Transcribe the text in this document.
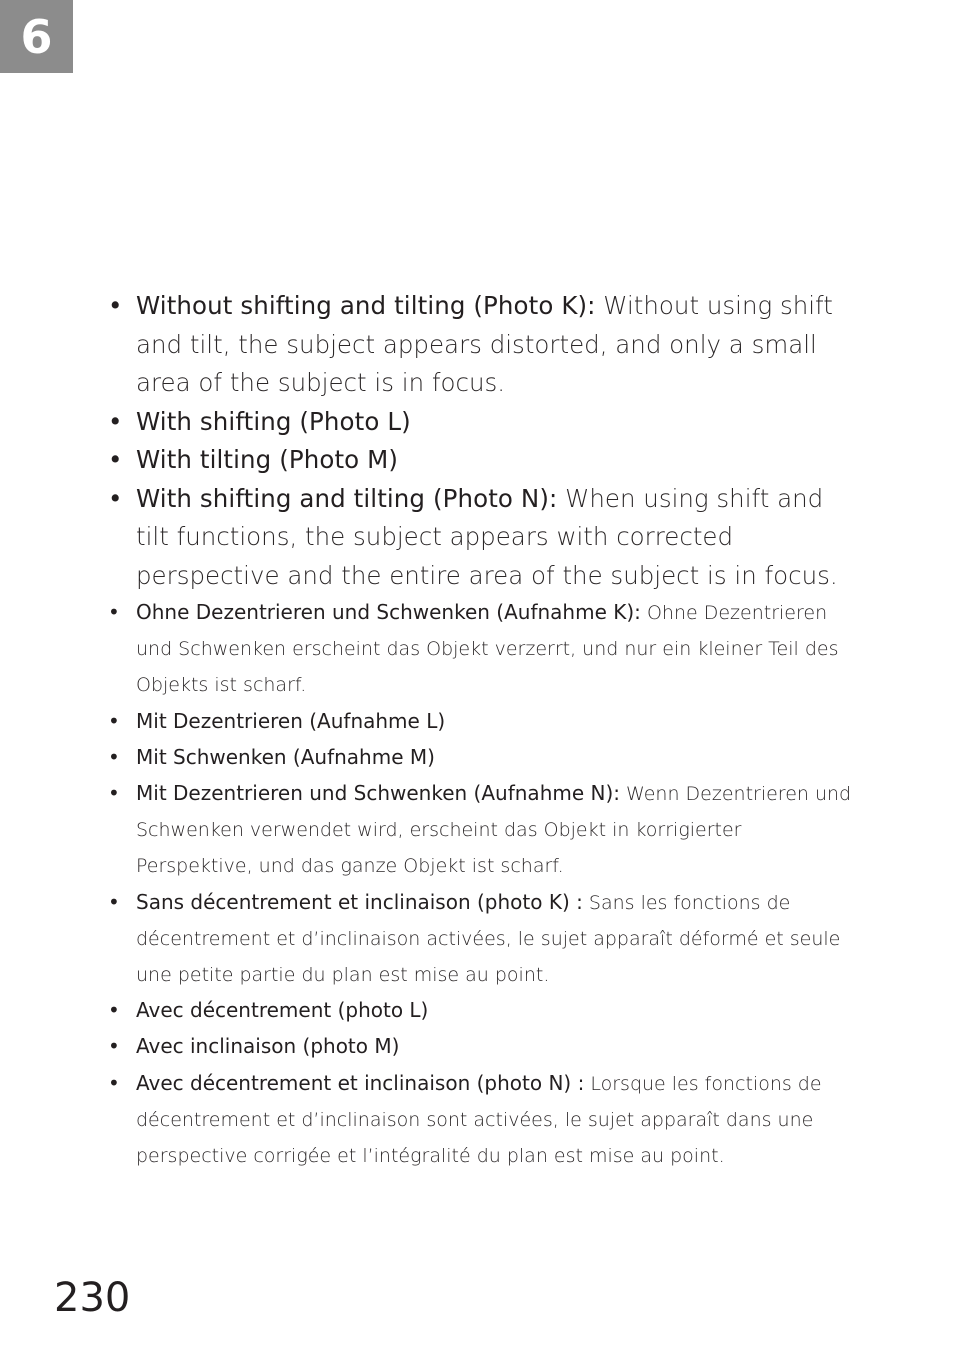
6
• Without shifting and tilting (Photo K): Without using shift and tilt, the subject appears distorted, and only a small area of the subject is in focus.
• With shifting (Photo L)
• With tilting (Photo M)
• With shifting and tilting (Photo N): When using shift and tilt functions, the subject appears with corrected perspective and the entire area of the subject is in focus.
• Ohne Dezentrieren und Schwenken (Aufnahme K): Ohne Dezentrieren und Schwenken erscheint das Objekt verzerrt, und nur ein kleiner Teil des Objekts ist scharf.
• Mit Dezentrieren (Aufnahme L)
• Mit Schwenken (Aufnahme M)
• Mit Dezentrieren und Schwenken (Aufnahme N): Wenn Dezentrieren und Schwenken verwendet wird, erscheint das Objekt in korrigierter Perspektive, und das ganze Objekt ist scharf.
• Sans décentrement et inclinaison (photo K) : Sans les fonctions de décentrement et d’inclinaison activées, le sujet apparaît déformé et seule une petite partie du plan est mise au point.
• Avec décentrement (photo L)
• Avec inclinaison (photo M)
• Avec décentrement et inclinaison (photo N) : Lorsque les fonctions de décentrement et d’inclinaison sont activées, le sujet apparaît dans une perspective corrigée et l’intégralité du plan est mise au point.
230
